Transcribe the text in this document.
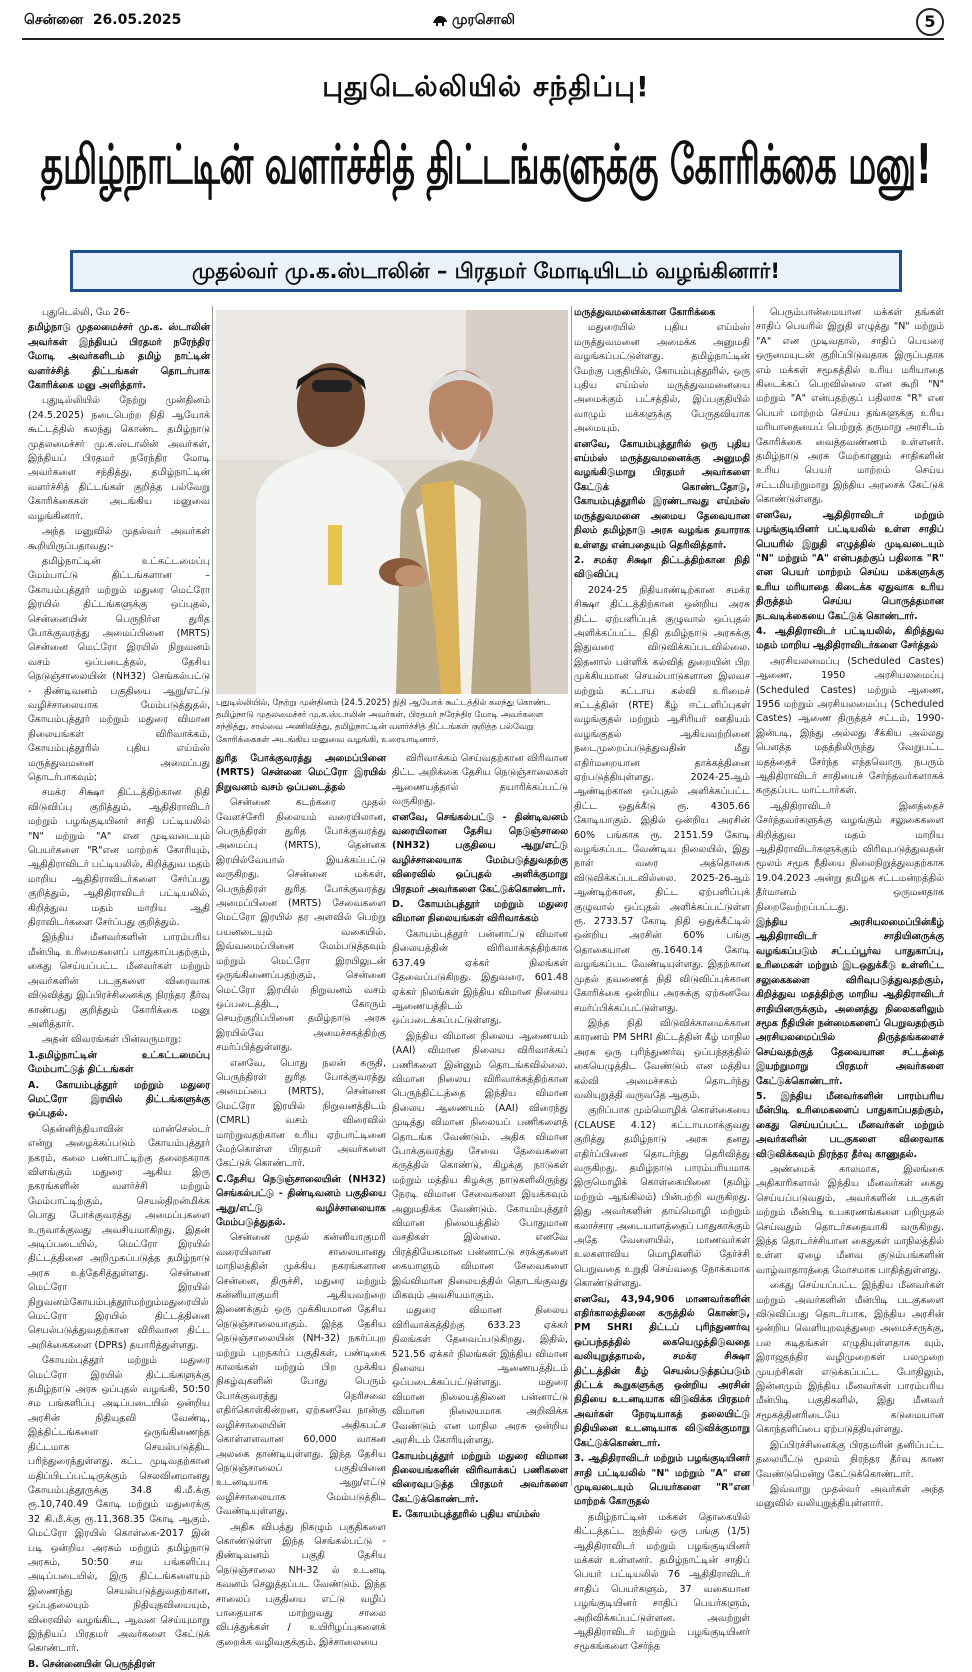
சென்னை 26.05.2025	முரசொலி	5
புதுடெல்லியில் சந்திப்பு!
தமிழ்நாட்டின் வளர்ச்சித் திட்டங்களுக்கு கோரிக்கை மனு!
முதல்வர் மு.க.ஸ்டாலின் – பிரதமர் மோடியிடம் வழங்கினார்!

புதுடெல்லி, மே 26–

தமிழ்நாடு முதலமைச்சர் மு.க. ஸ்டாலின் அவர்கள் இந்தியப் பிரதமர் நரேந்திர மோடி அவர்களிடம் தமிழ் நாட்டின் வளர்ச்சித் திட்டங்கள் தொடர்பாக கோரிக்கை மனு அளித்தார்.

புதுடில்லியில் நேற்று முன்தினம் (24.5.2025) நடைபெற்ற நிதி ஆயோக் கூட்டத்தில் கலந்து கொண்ட தமிழ்நாடு முதலமைச்சர் மு.க.ஸ்டாலின் அவர்கள், இந்தியப் பிரதமர் நரேந்திர மோடி அவர்களை சந்தித்து, தமிழ்நாட்டின் வளர்ச்சித் திட்டங்கள் குறித்த பல்வேறு கோரிக்கைகள் அடங்கிய மனுவை வழங்கினார்.

அந்த மனுவில் முதல்வர் அவர்கள் கூறியிருப்பதாவது:-

தமிழ்நாட்டின் உட்கட்டமைப்பு மேம்பாட்டு திட்டங்களான – கோயம்புத்தூர் மற்றும் மதுரை மெட்ரோ இரயில் திட்டங்களுக்கு ஒப்புதல், சென்னையின் பெருநிர்ள துரித போக்குவரத்து அமைப்பினை (MRTS) சென்னை மெட்ரோ இரயில் நிறுவனம் வசம் ஒப்படைத்தல், தேசிய நெடுஞ்சாலையின் (NH32) செங்கல்பட்டு - திண்டிவனம் பகுதியை ஆறு/எட்டு வழிச்சாலையாக மேம்படுத்துதல், கோயம்புத்தூர் மற்றும் மதுரை விமான நிலையங்கள் விரிவாக்கம், கோயம்புத்தூரில் புதிய எய்ம்ஸ் மருத்துவமனை அமைப்பது தொடர்பாகவும்;

சமக்ர சிக்ஷா திட்டத்திற்கான நிதி விடுவிப்பு குறித்தும், ஆதிதிராவிடர் மற்றும் பழங்குடியினர் சாதி பட்டியலில் "N" மற்றும் "A" என முடிவடையும் பெயர்களை "R"என மாற்றக் கோரியும், ஆதிதிராவிடர் பட்டியலில், கிறித்துவ மதம் மாறிய ஆதிதிராவிடர்களை சேர்ப்பது குறித்தும், ஆதிதிராவிடர் பட்டியலில், கிறித்துவ மதம் மாறிய ஆதி திராவிடர்களை சேர்ப்பது குறித்தும்.

இந்திய மீனவர்களின் பாரம்பரிய மீன்பிடி உரிமைகளைப் பாதுகாப்பதற்கும், கைது செய்யப்பட்ட மீனவர்கள் மற்றும் அவர்களின் படகுகளை விரைவாக விடுவித்து இப்பிரச்சினைக்கு நிரந்தர தீர்வு காண்பது குறித்தும் கோரிக்கை மனு அளித்தார்.

அதன் விவரங்கள் பின்வருமாறு:

1.தமிழ்நாட்டின் உட்கட்டமைப்பு மேம்பாட்டுத் திட்டங்கள்

A. கோயம்புத்தூர் மற்றும் மதுரை மெட்ரோ இரயில் திட்டங்களுக்கு ஒப்புதல்.

தென்னிந்தியாவின் மான்செஸ்டர் என்று அழைக்கப்படும் கோயம்புத்தூர் நகரம், கலை பண்பாட்டிற்கு தலைநகராக விளங்கும் மதுரை ஆகிய இரு நகரங்களின் வளர்ச்சி மற்றும் மேம்பாட்டிற்கும், செயல்திறன்மிக்க பொது போக்குவரத்து அமைப்புகளை உருவாக்குவது அவசியமாகிறது. இதன் அடிப்படையில், மெட்ரோ இரயில் திட்டத்தினை அறிமுகப்படுத்த தமிழ்நாடு அரசு உத்தேசித்துள்ளது. சென்னை மெட்ரோ இரயில் நிறுவனம்கோயம்புத்தூர்மற்றும்மதுரையில் மெட்ரோ இரயில் திட்டத்தினை செயல்படுத்துவதற்கான விரிவான திட்ட அறிக்கைகளை (DPRs) தயாரித்துள்ளது.

கோயம்புத்தூர் மற்றும் மதுரை மெட்ரோ இரயில் திட்டங்களுக்கு தமிழ்நாடு அரசு ஒப்புதல் வழங்கி, 50:50 சம பங்களிப்பு அடிப்படையில் ஒன்றிய அரசின் நிதியுதவி வேண்டி, இத்திட்டங்களை ஒருங்கிணைந்த திட்டமாக செயல்படுத்திட பரிந்துரைத்துள்ளது. கட்ட முடிவதற்கான மதிப்பிடப்பட்டிருக்கும் செலவினமானது கோயம்புத்தூருக்கு 34.8 கி.மீ.க்கு ரூ.10,740.49 கோடி மற்றும் மதுரைக்கு 32 கி.மீ.க்கு ரூ.11,368.35 கோடி ஆகும். மெட்ரோ இரயில் கொள்கை-2017 இன் படி ஒன்றிய அரசும் மற்றும் தமிழ்நாடு அரசும், 50:50 சம பங்களிப்பு அடிப்படையில், இரு திட்டங்களையும் இணைந்து செயல்படுத்துவதற்கான, ஒப்புதலையும் நிதியுதவியையும், விரைவில் வழங்கிட, ஆவன செய்யுமாறு இந்தியப் பிரதமர் அவர்களை கேட்டுக் கொண்டார்.

B. சென்னையின் பெருந்திரள்

புதுடில்லியில், நேற்று முன்தினம் (24.5.2025) நிதி ஆயோக் கூட்டத்தில் கலந்து கொண்ட தமிழ்நாடு முதலமைச்சர் மு.க.ஸ்டாலின் அவர்கள், பிரதமர் நரேந்திர மோடி அவர்களை சந்தித்து, சால்வை அணிவித்து, தமிழ்நாட்டின் வளர்ச்சித் திட்டங்கள் குறித்த பல்வேறு கோரிக்கைகள் அடங்கிய மனுவை வழங்கி, உரையாடினார்.

துரித போக்குவரத்து அமைப்பினை (MRTS) சென்னை மெட்ரோ இரயில் நிறுவனம் வசம் ஒப்படைத்தல்

சென்னை கடற்கரை முதல் வேளச்சேரி நிலையம் வரையிலான, பெருந்திரள் துரித போக்குவரத்து அமைப்பு (MRTS), தென்னக இரயில்வேயால் இயக்கப்பட்டு வருகிறது. சென்னை மக்கள், பெருந்திரள் துரித போக்குவரத்து அமைப்பினை (MRTS) சேவைகளை மெட்ரோ இரயில் தர அளவில் பெற்று பயனடையும் வகையில். இவ்வமைப்பினை மேம்படுத்தவும் மற்றும் மெட்ரோ இரயிலுடன் ஒருங்கிணைப்பதற்கும், சென்னை மெட்ரோ இரயில் நிறுவனம் வசம் ஒப்படைத்திட, கோரும் செயற்குறிப்பினை தமிழ்நாடு அரசு இரயில்வே அமைச்சகத்திற்கு சமர்ப்பித்துள்ளது.

எனவே, பொது நலன் கருதி, பெருந்திரள் துரித போக்குவரத்து அமைப்பை (MRTS), சென்னை மெட்ரோ இரயில் நிறுவனத்திடம் (CMRL) வசம் விரைவில் மாற்றுவதற்கான உரிய ஏற்பாட்டினை மேற்கொள்ள பிரதமர் அவர்களை கேட்டுக் கொண்டார்.

C.தேசிய நெடுஞ்சாலையின் (NH32) செங்கல்பட்டு - திண்டிவனம் பகுதியை ஆறு/எட்டு வழிச்சாலையாக மேம்படுத்துதல்.

சென்னை முதல் கன்னியாகுமரி வரையிலான சாலையானது மாநிலத்தின் முக்கிய நகரங்களான சென்னை, திருச்சி, மதுரை மற்றும் கன்னியாகுமரி ஆகியவற்றை இணைக்கும் ஒரு முக்கியமான தேசிய நெடுஞ்சாலையாகும். இந்த தேசிய நெடுஞ்சாலையின் (NH-32) நகர்ப்புற மற்றும் புறநகர்ப் பகுதிகள், பண்டிகை காலங்கள் மற்றும் பிற முக்கிய நிகழ்வுகளின் போது பெரும் போக்குவரத்து நெரிசலை எதிர்கொள்கின்றன, ஏற்கனவே நான்கு வழிச்சாலையின் அதிகபட்ச கொள்ளளவான 60,000 வாகன அலகை தாண்டியுள்ளது. இந்த தேசிய நெடுஞ்சாலைப் பகுதியினை உடனடியாக ஆறு/எட்டு வழிச்சாலையாக மேம்படுத்திட வேண்டியுள்ளது.

அதிக விபத்து நிகழும் பகுதிகளை கொண்டுள்ள இந்த செங்கல்பட்டு - திண்டிவனம் பகுதி தேசிய நெடுஞ்சாலை NH-32 ல் உடனடி கவனம் செலுத்தப்பட வேண்டும். இந்த சாலைப் பகுதியை எட்டு வழிப் பாதையாக மாற்றுவது சாலை விபத்துக்கள் / உயிரிழப்புகளைக் குறைக்க வழிவகுக்கும். இச்சாலையை

விரிவாக்கம் செய்வதற்கான விரிவான திட்ட அறிக்கை தேசிய நெடுஞ்சாலைகள் ஆணையத்தால் தயாரிக்கப்பட்டு வருகிறது.

எனவே, செங்கல்பட்டு - திண்டிவனம் வரையிலான தேசிய நெடுஞ்சாலை (NH32) பகுதியை ஆறு/எட்டு வழிச்சாலையாக மேம்படுத்துவதற்கு விரைவில் ஒப்புதல் அளிக்குமாறு பிரதமர் அவர்களை கேட்டுக்கொண்டார்.

D. கோயம்புத்தூர் மற்றும் மதுரை விமான நிலையங்கள் விரிவாக்கம்

கோயம்புத்தூர் பன்னாட்டு விமான நிலையத்தின் விரிவாக்கத்திற்காக 637.49 ஏக்கர் நிலங்கள் தேவைப்படுகிறது. இதுவரை, 601.48 ஏக்கர் நிலங்கள் இந்திய விமான நிலைய ஆணையத்திடம் ஒப்படைக்கப்பட்டுள்ளது.

இந்திய விமான நிலைய ஆணையம் (AAI) விமான நிலைய விரிவாக்கப் பணிகளை இன்னும் தொடங்கவில்லை. விமான நிலைய விரிவாக்கத்திற்கான பெருந்திட்டத்தை இந்திய விமான நிலைய ஆணையம் (AAI) விரைந்து முடித்து விமான நிலையப் பணிகளைத் தொடங்க வேண்டும். அதிக விமான போக்குவரத்து சேவை தேவைகளை கருத்தில் கொண்டு, கிழக்கு நாடுகள் மற்றும் மத்திய கிழக்கு நாடுகளிலிருந்து நேரடி விமான சேவைகளை இயக்கவும் அனுமதிக்க வேண்டும். கோயம்புத்தூர் விமான நிலையத்தில் போதுமான வசதிகள் இல்லை. எனவே பிரத்தியேகமான பன்னாட்டு சரக்குகளை கையாளும் விமான சேவைகளை இவ்விமான நிலையத்தில் தொடங்குவது மிகவும் அவசியமாகும்.

மதுரை விமான நிலைய விரிவாக்கத்திற்கு 633.23 ஏக்கர் நிலங்கள் தேவைப்படுகிறது. இதில், 521.56 ஏக்கர் நிலங்கள் இந்திய விமான நிலைய ஆணையத்திடம் ஒப்படைக்கப்பட்டுள்ளது. மதுரை விமான நிலையத்தினை பன்னாட்டு விமான நிலையமாக அறிவிக்க வேண்டும் என மாநில அரசு ஒன்றிய அரசிடம் கோரியுள்ளது.

கோயம்புத்தூர் மற்றும் மதுரை விமான நிலையங்களின் விரிவாக்கப் பணிகளை விரைவுபடுத்த பிரதமர் அவர்களை கேட்டுக்கொண்டார்.

E. கோயம்புத்தூரில் புதிய எய்ம்ஸ்

மருத்துவமனைக்கான கோரிக்கை

மதுரையில் புதிய எய்ம்ஸ் மருத்துவமனை அமைக்க அனுமதி வழங்கப்பட்டுள்ளது. தமிழ்நாட்டின் மேற்கு பகுதியில், கோயம்புத்தூரில், ஒரு புதிய எய்ம்ஸ் மருத்துவமனையை அமைக்கும் பட்சத்தில், இப்பகுதியில் வாழும் மக்களுக்கு பேருதவியாக அமையும்.

எனவே, கோயம்புத்தூரில் ஒரு புதிய எய்ம்ஸ் மருத்துவமனைக்கு அனுமதி வழங்கிடுமாறு பிரதமர் அவர்களை கேட்டுக் கொண்டதோடு, கோயம்புத்தூரில் இரண்டாவது எய்ம்ஸ் மருத்துவமனை அமைய தேவையான நிலம் தமிழ்நாடு அரசு வழங்க தயாராக உள்ளது என்பதையும் தெரிவித்தார்.

2. சமக்ர சிக்ஷா திட்டத்திற்கான நிதி விடுவிப்பு

2024-25 நிதியாண்டிற்கான சமக்ர சிக்ஷா திட்டத்திற்கான ஒன்றிய அரசு திட்ட ஏற்பளிப்புக் குழுவால் ஒப்புதல் அளிக்கப்பட்ட நிதி தமிழ்நாடு அரசுக்கு இதுவரை விடுவிக்கப்படவில்லை. இதனால் பள்ளிக் கல்வித் துறையின் பிற முக்கியமான செயல்பாடுகளான இலவச மற்றும் கட்டாய கல்வி உரிமைச் சட்டத்தின் (RTE) கீழ் ஈட்டளிப்புகள் வழங்குதல் மற்றும் ஆசிரியர் ஊதியம் வழங்குதல் ஆகியவற்றினை நடைமுறைப்படுத்துவதின் மீது எதிர்மறையான தாக்கத்தினை ஏற்படுத்தியுள்ளது. 2024-25ஆம் ஆண்டிற்கான ஒப்புதல் அளிக்கப்பட்ட திட்ட ஒதுக்கீடு ரூ. 4305.66 கோடியாகும். இதில் ஒன்றிய அரசின் 60% பங்காக ரூ. 2151.59 கோடி வழங்கப்பட வேண்டிய நிலையில், இது நாள் வரை அத்தொகை விடுவிக்கப்படவில்லை. 2025-26ஆம் ஆண்டிற்கான, திட்ட ஏற்பளிப்புக் குழுவால் ஒப்புதல் அளிக்கப்பட்டுள்ள ரூ. 2733.57 கோடி நிதி ஒதுக்கீட்டில் ஒன்றிய அரசின் 60% பங்கு தொகையான ரூ.1640.14 கோடி வழங்கப்பட வேண்டியுள்ளது. இதற்கான முதல் தவணைத் நிதி விடுவிப்புக்கான கோரிக்கை ஒன்றிய அரசுக்கு ஏற்கனவே சமர்ப்பிக்கப்பட்டுள்ளது.

இந்த நிதி விடுவிக்காமைக்கான காரணம் PM SHRI திட்டத்தின் கீழ் மாநில அரசு ஒரு புரிந்துணர்வு ஒப்பந்தத்தில் கையெழுத்திட வேண்டும் என மத்திய கல்வி அமைச்சகம் தொடர்ந்து வலியுறுத்தி வருவதே ஆகும்.

குறிப்பாக மும்மொழிக் கொள்கையை (CLAUSE 4.12) கட்டாயமாக்குவது குறித்து தமிழ்நாடு அரசு தனது எதிர்ப்பினை தொடர்ந்து தெரிவித்து வருகிறது. தமிழ்நாடு பாரம்பரியமாக இருமொழிக் கொள்கையினை (தமிழ் மற்றும் ஆங்கிலம்) பின்பற்றி வருகிறது. இது அவர்களின் தாய்மொழி மற்றும் கலாச்சார அடையாளத்தைப் பாதுகாக்கும் அதே வேளையில், மாணவர்கள் உலகளாவிய மொழிகளில் தேர்ச்சி பெறுவதை உறுதி செய்வதை நோக்கமாக கொண்டுள்ளது.

எனவே, 43,94,906 மாணவர்களின் எதிர்காலத்தினை கருத்தில் கொண்டு, PM SHRI திட்டப் புரிந்துணர்வு ஒப்பந்தத்தில் கையெழுத்திடுவதை வலியுறுத்தாமல், சமக்ர சிக்ஷா திட்டத்தின் கீழ் செயல்படுத்தப்படும் திட்டக் கூறுகளுக்கு ஒன்றிய அரசின் நிதியை உடனடியாக விடுவிக்க பிரதமர் அவர்கள் நேரடியாகத் தலையிட்டு நிதியினை உடனடியாக விடுவிக்குமாறு கேட்டுக்கொண்டார்.

3. ஆதிதிராவிடர் மற்றும் பழங்குடியினர் சாதி பட்டியலில் "N" மற்றும் "A" என முடிவடையும் பெயர்களை "R"என மாற்றக் கோருதல்

தமிழ்நாட்டின் மக்கள் தொகையில் கிட்டத்தட்ட ஐந்தில் ஒரு பங்கு (1/5) ஆதிதிராவிடர் மற்றும் பழங்குடியினர் மக்கள் உள்ளனர். தமிழ்நாட்டின் சாதிப் பெயர் பட்டியலில் 76 ஆதிதிராவிடர் சாதிப் பெயர்களும், 37 வகையான பழங்குடியினர் சாதிப் பெயர்களும், அறிவிக்கப்பட்டுள்ளன. அவற்றுள் ஆதிதிராவிடர் மற்றும் பழங்குடியினர் சமூகங்களை சேர்ந்த

பெரும்பான்மையான மக்கள் தங்கள் சாதிப் பெயரில் இறுதி எழுத்து "N" மற்றும் "A" என முடிவதால், சாதிப் பெயரை ஒருமையுடன் குறிப்பிடுவதாக இருப்பதாக எம் மக்கள் சமூகத்தில் உரிய மரியாதை கிடைக்கப் பெறவில்லை என கூறி "N" மற்றும் "A" என்பதற்குப் பதிலாக "R" என பெயர் மாற்றம் செய்ய தங்களுக்கு உரிய மரியாதையைப் பெற்றுத் தருமாறு அரசிடம் கோரிக்கை வைத்தவண்ணம் உள்ளனர். தமிழ்நாடு அரசு மேற்காணும் சாதிகளின் உரிய பெயர் மாற்றம் செய்ய சட்டமியற்றுமாறு இந்திய அரசைக் கேட்டுக் கொண்டுள்ளது.

எனவே, ஆதிதிராவிடர் மற்றும் பழங்குடியினர் பட்டியலில் உள்ள சாதிப் பெயரில் இறுதி எழுத்தில் முடிவடையும் "N" மற்றும் "A" என்பதற்குப் பதிலாக "R" என பெயர் மாற்றம் செய்ய மக்களுக்கு உரிய மரியாதை கிடைக்க ஏதுவாக உரிய திருத்தம் செய்ய பொருத்தமான நடவடிக்கையை கேட்டுக் கொண்டார்.

4. ஆதிதிராவிடர் பட்டியலில், கிறித்துவ மதம் மாறிய ஆதிதிராவிடர்களை சேர்த்தல்

அரசியலமைப்பு (Scheduled Castes) ஆணை, 1950 அரசியலமைப்பு (Scheduled Castes) மற்றும் ஆணை, 1956 மற்றும் அரசியலமைப்பு (Scheduled Castes) ஆணை திருத்தச் சட்டம், 1990-இன்படி, இந்து அல்லது சீக்கிய அல்லது பௌத்த மதத்திலிருந்து வேறுபட்ட மதத்தைச் சேர்ந்த எந்தவொரு நபரும் ஆதிதிராவிடர் சாதியைச் சேர்ந்தவர்களாகக் கருதப்பட மாட்டார்கள்.

ஆதிதிராவிடர் இனத்தைச் சேர்ந்தவர்களுக்கு வழங்கும் சலுகைகளை கிறித்துவ மதம் மாறிய ஆதிதிராவிடர்களுக்கும் விரிவுபடுத்துவதன் மூலம் சமூக நீதியை நிலைநிறுத்துவதற்காக 19.04.2023 அன்று தமிழக சட்டமன்றத்தில் தீர்மானம் ஒருமனதாக நிறைவேற்றப்பட்டது.

இந்திய அரசியலமைப்பின்கீழ் ஆதிதிராவிடர் சாதியினருக்கு வழங்கப்படும் சட்டப்பூர்வ பாதுகாப்பு, உரிமைகள் மற்றும் இடஒதுக்கீடு உள்ளிட்ட சலுகைகளை விரிவுபடுத்துவதற்கும், கிறித்துவ மதத்திற்கு மாறிய ஆதிதிராவிடர் சாதியினருக்கும், அனைத்து நிலைகளிலும் சமூக நீதியின் நன்மைகளைப் பெறுவதற்கும் அரசியலமைப்பில் திருத்தங்களைச் செய்வதற்குத் தேவையான சட்டத்தை இயற்றுமாறு பிரதமர் அவர்களை கேட்டுக்கொண்டார்.

5. இந்திய மீனவர்களின் பாரம்பரிய மீன்பிடி உரிமைகளைப் பாதுகாப்பதற்கும், கைது செய்யப்பட்ட மீனவர்கள் மற்றும் அவர்களின் படகுகளை விரைவாக விடுவிக்கவும் நிரந்தர தீர்வு காணுதல்.

அண்மைக் காலமாக, இலங்கை அதிகாரிகளால் இந்திய மீனவர்கள் கைது செய்யப்படுவதும், அவர்களின் படகுகள் மற்றும் மீன்பிடி உபகரணங்களை பறிமுதல் செய்வதும் தொடர்கதையாகி வருகிறது. இந்த தொடர்ச்சியான கைதுகள் மாநிலத்தில் உள்ள ஏழை மீனவ குடும்பங்களின் வாழ்வாதாரத்தை மோசமாக பாதித்துள்ளது.

கைது செய்யப்பட்ட இந்திய மீனவர்கள் மற்றும் அவர்களின் மீன்பிடி படகுகளை விடுவிப்பது தொடர்பாக, இந்திய அரசின் ஒன்றிய வெளியுறவுத்துறை அமைச்சருக்கு, பல கடிதங்கள் எழுதியுள்ளதாக வும், இராஜதந்திர வழிமுறைகள் பலமுறை முயற்சிகள் எடுக்கப்பட்ட போதிலும், இன்னமும் இந்திய மீனவர்கள் பாரம்பரிய மீன்பிடி பகுதிகளில், இது மீனவர் சமூகத்தினரிடையே கடுமையான கொந்தளிப்பை ஏற்படுத்தியுள்ளது.

இப்பிரச்சினைக்கு பிரதமரின் தனிப்பட்ட தலையீட்டு மூலம் நிரந்தர தீர்வு காண வேண்டுமென்று கேட்டுக்கொண்டார்.

இவ்வாறு முதல்வர் அவர்கள் அந்த மனுவில் வலியுறுத்தியுள்ளார்.
